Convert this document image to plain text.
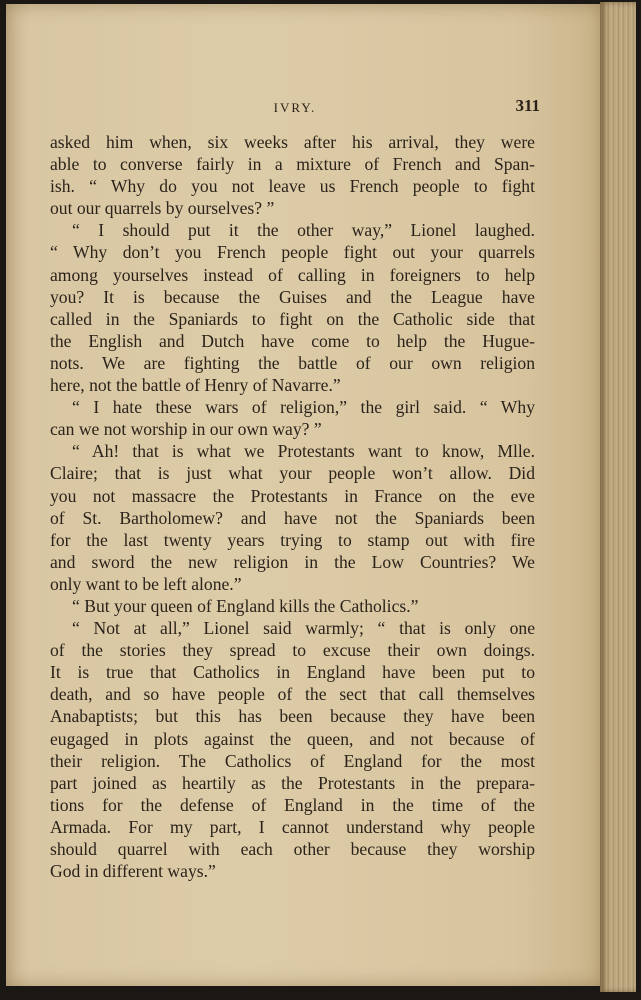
IVRY.	311
asked him when, six weeks after his arrival, they were
able to converse fairly in a mixture of French and Span-
ish. “ Why do you not leave us French people to fight
out our quarrels by ourselves? ”
“ I should put it the other way,” Lionel laughed.
“ Why don’t you French people fight out your quarrels
among yourselves instead of calling in foreigners to help
you? It is because the Guises and the League have
called in the Spaniards to fight on the Catholic side that
the English and Dutch have come to help the Hugue-
nots. We are fighting the battle of our own religion
here, not the battle of Henry of Navarre.”
“ I hate these wars of religion,” the girl said. “ Why
can we not worship in our own way? ”
“ Ah! that is what we Protestants want to know, Mlle.
Claire; that is just what your people won’t allow. Did
you not massacre the Protestants in France on the eve
of St. Bartholomew? and have not the Spaniards been
for the last twenty years trying to stamp out with fire
and sword the new religion in the Low Countries? We
only want to be left alone.”
“ But your queen of England kills the Catholics.”
“ Not at all,” Lionel said warmly; “ that is only one
of the stories they spread to excuse their own doings.
It is true that Catholics in England have been put to
death, and so have people of the sect that call themselves
Anabaptists; but this has been because they have been
eugaged in plots against the queen, and not because of
their religion. The Catholics of England for the most
part joined as heartily as the Protestants in the prepara-
tions for the defense of England in the time of the
Armada. For my part, I cannot understand why people
should quarrel with each other because they worship
God in different ways.”
